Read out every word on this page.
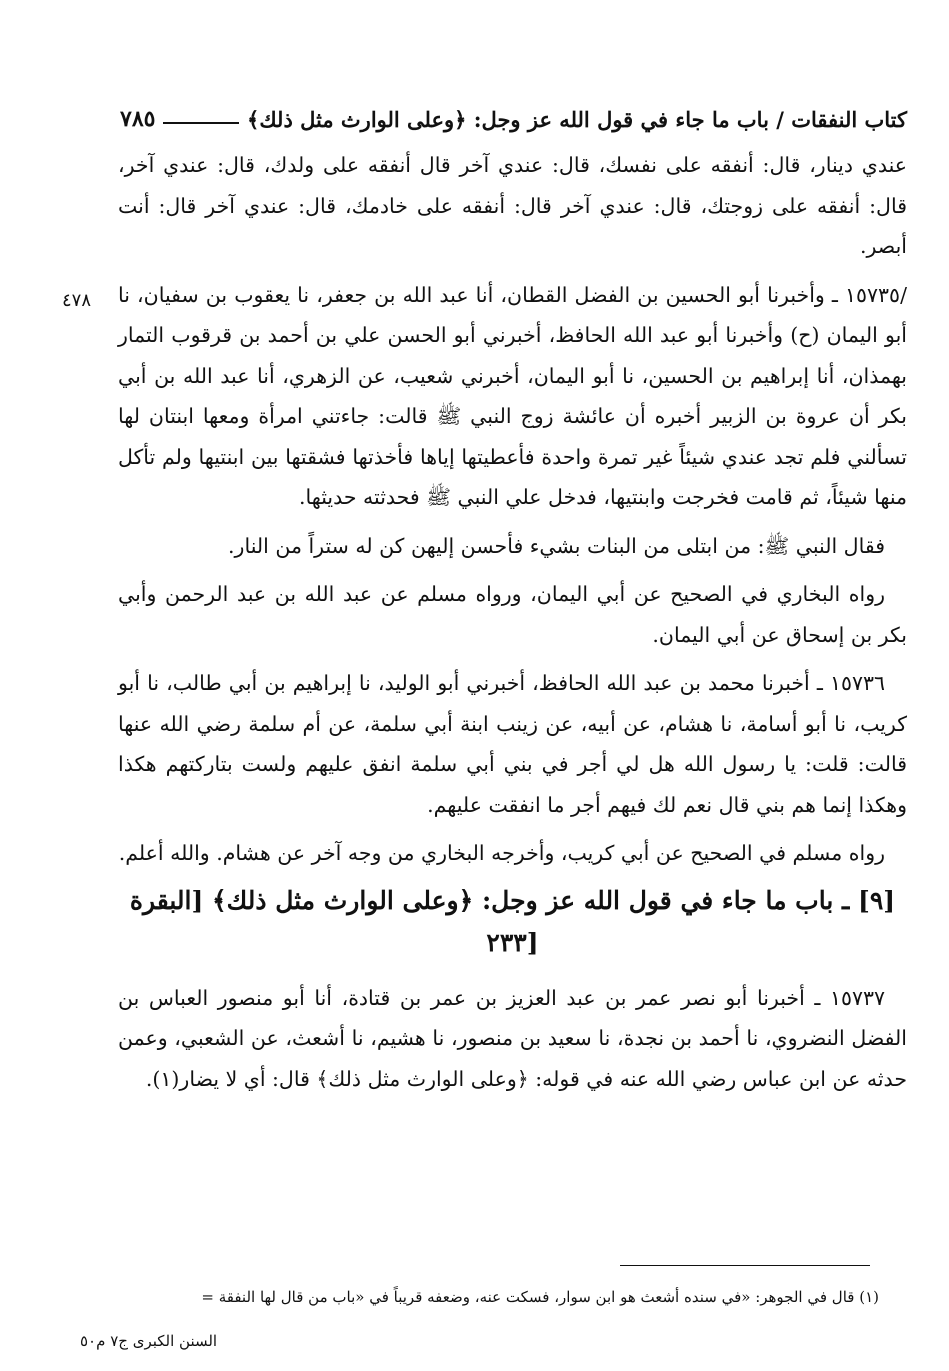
كتاب النفقات / باب ما جاء في قول الله عز وجل: ﴿وعلى الوارث مثل ذلك﴾
٧٨٥
٤٧٨

عندي دينار، قال: أنفقه على نفسك، قال: عندي آخر قال أنفقه على ولدك، قال: عندي آخر، قال: أنفقه على زوجتك، قال: عندي آخر قال: أنفقه على خادمك، قال: عندي آخر قال: أنت أبصر.

/١٥٧٣٥ ـ وأخبرنا أبو الحسين بن الفضل القطان، أنا عبد الله بن جعفر، نا يعقوب بن سفيان، نا أبو اليمان (ح) وأخبرنا أبو عبد الله الحافظ، أخبرني أبو الحسن علي بن أحمد بن قرقوب التمار بهمذان، أنا إبراهيم بن الحسين، نا أبو اليمان، أخبرني شعيب، عن الزهري، أنا عبد الله بن أبي بكر أن عروة بن الزبير أخبره أن عائشة زوج النبي ﷺ قالت: جاءتني امرأة ومعها ابنتان لها تسألني فلم تجد عندي شيئاً غير تمرة واحدة فأعطيتها إياها فأخذتها فشقتها بين ابنتيها ولم تأكل منها شيئاً، ثم قامت فخرجت وابنتيها، فدخل علي النبي ﷺ فحدثته حديثها.

فقال النبي ﷺ: من ابتلى من البنات بشيء فأحسن إليهن كن له ستراً من النار.

رواه البخاري في الصحيح عن أبي اليمان، ورواه مسلم عن عبد الله بن عبد الرحمن وأبي بكر بن إسحاق عن أبي اليمان.

١٥٧٣٦ ـ أخبرنا محمد بن عبد الله الحافظ، أخبرني أبو الوليد، نا إبراهيم بن أبي طالب، نا أبو كريب، نا أبو أسامة، نا هشام، عن أبيه، عن زينب ابنة أبي سلمة، عن أم سلمة رضي الله عنها قالت: قلت: يا رسول الله هل لي أجر في بني أبي سلمة انفق عليهم ولست بتاركتهم هكذا وهكذا إنما هم بني قال نعم لك فيهم أجر ما انفقت عليهم.

رواه مسلم في الصحيح عن أبي كريب، وأخرجه البخاري من وجه آخر عن هشام. والله أعلم.

[٩] ـ باب ما جاء في قول الله عز وجل: ﴿وعلى الوارث مثل ذلك﴾ [البقرة
[٢٣٣

١٥٧٣٧ ـ أخبرنا أبو نصر عمر بن عبد العزيز بن عمر بن قتادة، أنا أبو منصور العباس بن الفضل النضروي، نا أحمد بن نجدة، نا سعيد بن منصور، نا هشيم، نا أشعث، عن الشعبي، وعمن حدثه عن ابن عباس رضي الله عنه في قوله: ﴿وعلى الوارث مثل ذلك﴾ قال: أي لا يضار(١).

(١) قال في الجوهر: «في سنده أشعث هو ابن سوار، فسكت عنه، وضعفه قريباً في «باب من قال لها النفقة =
السنن الكبرى ج٧ م٥٠
